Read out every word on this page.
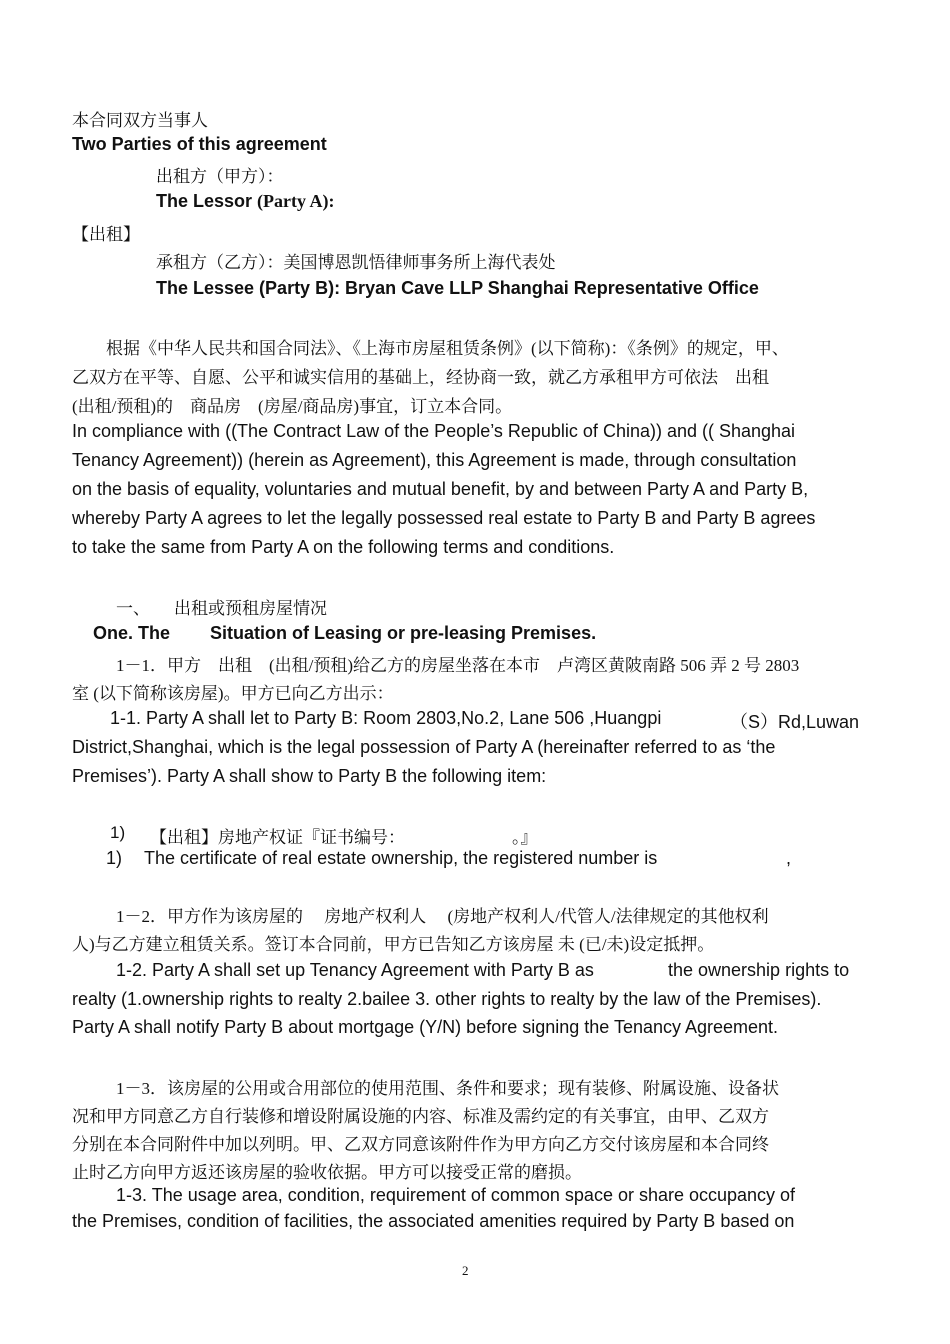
本合同双方当事人
Two Parties of this agreement
出租方（甲方）：
The Lessor (Party A):
【出租】
承租方（乙方）：美国博恩凯悟律师事务所上海代表处
The Lessee (Party B): Bryan Cave LLP Shanghai Representative Office
根据《中华人民共和国合同法》、《上海市房屋租赁条例》(以下简称)：《条例》的规定，甲、
乙双方在平等、自愿、公平和诚实信用的基础上，经协商一致，就乙方承租甲方可依法　出租
(出租/预租)的　商品房　(房屋/商品房)事宜，订立本合同。
In compliance with ((The Contract Law of the People’s Republic of China)) and (( Shanghai
Tenancy Agreement)) (herein as Agreement), this Agreement is made, through consultation
on the basis of equality, voluntaries and mutual benefit, by and between Party A and Party B,
whereby Party A agrees to let the legally possessed real estate to Party B and Party B agrees
to take the same from Party A on the following terms and conditions.
一、 出租或预租房屋情况
One. The Situation of Leasing or pre-leasing Premises.
1－1．甲方　出租　(出租/预租)给乙方的房屋坐落在本市　卢湾区黄陂南路 506 弄 2 号 2803
室 (以下简称该房屋)。甲方已向乙方出示：
1-1. Party A shall let to Party B: Room 2803,No.2, Lane 506 ,Huangpi	（S）Rd,Luwan
District,Shanghai, which is the legal possession of Party A (hereinafter referred to as ‘the
Premises’). Party A shall show to Party B the following item:
1) 【出租】房地产权证『证书编号：	。』
1) The certificate of real estate ownership, the registered number is	,
1－2．甲方作为该房屋的　 房地产权利人　 (房地产权利人/代管人/法律规定的其他权利
人)与乙方建立租赁关系。签订本合同前，甲方已告知乙方该房屋 未 (已/未)设定抵押。
1-2. Party A shall set up Tenancy Agreement with Party B as	the ownership rights to
realty (1.ownership rights to realty 2.bailee 3. other rights to realty by the law of the Premises).
Party A shall notify Party B about mortgage (Y/N) before signing the Tenancy Agreement.
1－3．该房屋的公用或合用部位的使用范围、条件和要求；现有装修、附属设施、设备状
况和甲方同意乙方自行装修和增设附属设施的内容、标准及需约定的有关事宜，由甲、乙双方
分别在本合同附件中加以列明。甲、乙双方同意该附件作为甲方向乙方交付该房屋和本合同终
止时乙方向甲方返还该房屋的验收依据。甲方可以接受正常的磨损。
1-3. The usage area, condition, requirement of common space or share occupancy of
the Premises, condition of facilities, the associated amenities required by Party B based on
2
